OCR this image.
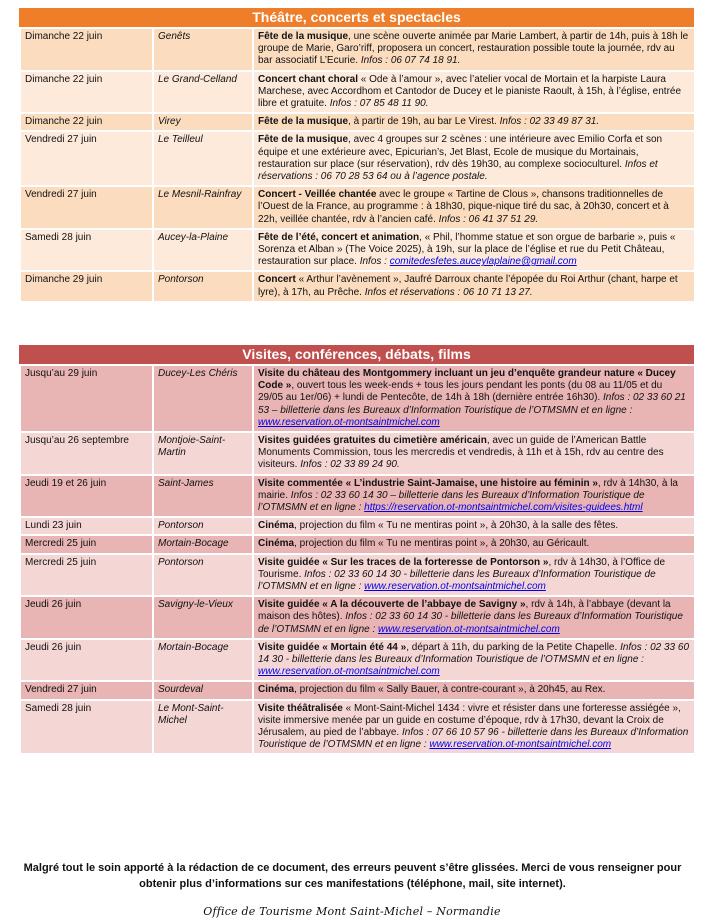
Théâtre, concerts et spectacles
Dimanche 22 juin	Genêts	Fête de la musique, une scène ouverte animée par Marie Lambert, à partir de 14h, puis à 18h le groupe de Marie, Garo’riff, proposera un concert, restauration possible toute la journée, rdv au bar associatif L’Ecurie. Infos : 06 07 74 18 91.
Dimanche 22 juin	Le Grand-Celland	Concert chant choral « Ode à l’amour », avec l’atelier vocal de Mortain et la harpiste Laura Marchese, avec Accordhom et Cantodor de Ducey et le pianiste Raoult, à 15h, à l’église, entrée libre et gratuite. Infos : 07 85 48 11 90.
Dimanche 22 juin	Virey	Fête de la musique, à partir de 19h, au bar Le Virest. Infos : 02 33 49 87 31.
Vendredi 27 juin	Le Teilleul	Fête de la musique, avec 4 groupes sur 2 scènes : une intérieure avec Emilio Corfa et son équipe et une extérieure avec, Epicurian’s, Jet Blast, Ecole de musique du Mortainais, restauration sur place (sur réservation), rdv dès 19h30, au complexe socioculturel. Infos et réservations : 06 70 28 53 64 ou à l’agence postale.
Vendredi 27 juin	Le Mesnil-Rainfray	Concert - Veillée chantée avec le groupe « Tartine de Clous », chansons traditionnelles de l’Ouest de la France, au programme : à 18h30, pique-nique tiré du sac, à 20h30, concert et à 22h, veillée chantée, rdv à l’ancien café. Infos : 06 41 37 51 29.
Samedi 28 juin	Aucey-la-Plaine	Fête de l’été, concert et animation, « Phil, l’homme statue et son orgue de barbarie », puis « Sorenza et Alban » (The Voice 2025), à 19h, sur la place de l’église et rue du Petit Château, restauration sur place. Infos : comitedesfetes.auceylaplaine@gmail.com
Dimanche 29 juin	Pontorson	Concert « Arthur l’avènement », Jaufré Darroux chante l’épopée du Roi Arthur (chant, harpe et lyre), à 17h, au Prêche. Infos et réservations : 06 10 71 13 27.
Visites, conférences, débats, films
Jusqu’au 29 juin	Ducey-Les Chéris	Visite du château des Montgommery incluant un jeu d’enquête grandeur nature « Ducey Code », ouvert tous les week-ends + tous les jours pendant les ponts (du 08 au 11/05 et du 29/05 au 1er/06) + lundi de Pentecôte, de 14h à 18h (dernière entrée 16h30). Infos : 02 33 60 21 53 – billetterie dans les Bureaux d’Information Touristique de l’OTMSMN et en ligne : www.reservation.ot-montsaintmichel.com
Jusqu’au 26 septembre	Montjoie-Saint-Martin	Visites guidées gratuites du cimetière américain, avec un guide de l’American Battle Monuments Commission, tous les mercredis et vendredis, à 11h et à 15h, rdv au centre des visiteurs. Infos : 02 33 89 24 90.
Jeudi 19 et 26 juin	Saint-James	Visite commentée « L’industrie Saint-Jamaise, une histoire au féminin », rdv à 14h30, à la mairie. Infos : 02 33 60 14 30 – billetterie dans les Bureaux d’Information Touristique de l’OTMSMN et en ligne : https://reservation.ot-montsaintmichel.com/visites-guidees.html
Lundi 23 juin	Pontorson	Cinéma, projection du film « Tu ne mentiras point », à 20h30, à la salle des fêtes.
Mercredi 25 juin	Mortain-Bocage	Cinéma, projection du film « Tu ne mentiras point », à 20h30, au Géricault.
Mercredi 25 juin	Pontorson	Visite guidée « Sur les traces de la forteresse de Pontorson », rdv à 14h30, à l’Office de Tourisme. Infos : 02 33 60 14 30 - billetterie dans les Bureaux d’Information Touristique de l’OTMSMN et en ligne : www.reservation.ot-montsaintmichel.com
Jeudi 26 juin	Savigny-le-Vieux	Visite guidée « A la découverte de l’abbaye de Savigny », rdv à 14h, à l’abbaye (devant la maison des hôtes). Infos : 02 33 60 14 30 - billetterie dans les Bureaux d’Information Touristique de l’OTMSMN et en ligne : www.reservation.ot-montsaintmichel.com
Jeudi 26 juin	Mortain-Bocage	Visite guidée « Mortain été 44 », départ à 11h, du parking de la Petite Chapelle. Infos : 02 33 60 14 30 - billetterie dans les Bureaux d’Information Touristique de l’OTMSMN et en ligne : www.reservation.ot-montsaintmichel.com
Vendredi 27 juin	Sourdeval	Cinéma, projection du film « Sally Bauer, à contre-courant », à 20h45, au Rex.
Samedi 28 juin	Le Mont-Saint-Michel	Visite théâtralisée « Mont-Saint-Michel 1434 : vivre et résister dans une forteresse assiégée », visite immersive menée par un guide en costume d’époque, rdv à 17h30, devant la Croix de Jérusalem, au pied de l’abbaye. Infos : 07 66 10 57 96 - billetterie dans les Bureaux d’Information Touristique de l’OTMSMN et en ligne : www.reservation.ot-montsaintmichel.com
Malgré tout le soin apporté à la rédaction de ce document, des erreurs peuvent s’être glissées. Merci de vous renseigner pour obtenir plus d’informations sur ces manifestations (téléphone, mail, site internet).
Office de Tourisme Mont Saint-Michel – Normandie
